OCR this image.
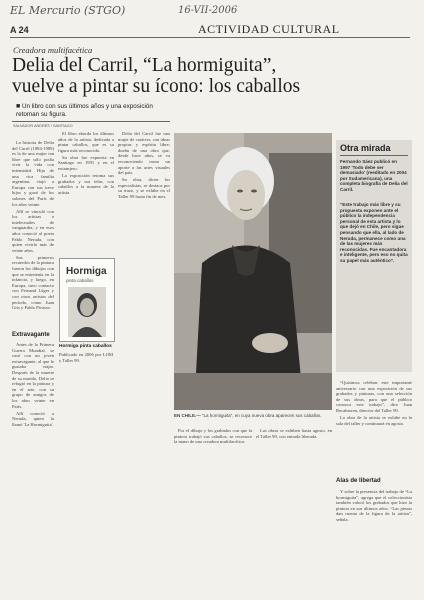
EL Mercurio (STGO)	16-VII-2006
A 24	ACTIVIDAD CULTURAL
Creadora multifacética
Delia del Carril, “La hormiguita”,
vuelve a pintar su ícono: los caballos
■ Un libro con sus últimos años y una exposición retoman su figura.
SALVADOR ANDRÉS / SANTIAGO

La historia de Delia del Carril (1884-1989) es la de una mujer tan libre que sólo podía vivir la vida con intensidad. Hija de una rica familia argentina, viajó a Europa con sus trece hijos y gozó de los salones del París de los años veinte.

Allí se vinculó con los artistas e intelectuales de vanguardia, y en esos años conoció al poeta Pablo Neruda, con quien viviría más de veinte años.

Sus primeros recuerdos de la pintura fueron los dibujos con que se entretenía en la infancia, y luego, en Europa, tuvo contacto con Fernand Léger y con otros artistas del período, como Juan Gris y Pablo Picasso.

Extravagante

Antes de la Primera Guerra Mundial, se casó con un joven extravagante, al que le gustaba viajar. Después de la muerte de su marido, Delia se refugió en la pintura y en el arte, con su grupo de amigos de los años veinte en París.

Allí conoció a Neruda, quien la llamó 'La Hormiguita'.

El libro aborda los últimos años de la artista, dedicada a pintar caballos, que es su figura más reconocida.

Su obra fue expuesta en Santiago en 1991 y en el extranjero.

La exposición retoma sus grabados y sus telas, con caballos a la manera de la artista.

Delia del Carril fue una mujer de carácter, con ideas propias y espíritu libre; dueña de una obra que, desde hace años, se va reconociendo como un aporte a las artes visuales del país.

Su obra, dicen los especialistas, se destaca por su trazo, y se exhibe en el Taller 99 hasta fin de mes.

Hormiga
pinta caballos
Hormiga pinta caballos
Publicado en 2006 por LOM y Taller 99.
EN CHILE.— “La hormiguita”, en cuya nueva obra aparecen sus caballos.

Por el dibujo y los grabados con que la pintora trabajó sus caballos, se reconoce la mano de una creadora multifacética.

Las obras se exhiben hasta agosto, en el Taller 99, con entrada liberada.

Otra mirada
Fernando Sáez publicó en 1997 'Todo debe ser demasiado' (reeditado en 2004 por Sudamericana), una completa biografía de Delia del Carril.
“Este trabajo más libre y su propuesta exponen ante el público la independencia personal de esta artista y lo que dejó en Chile, pero sigue pensando que ella, al lado de Neruda, permanece como una de las mujeres más reconocidas. Fue encantadora e inteligente, pero eso no quita su papel más auténtico”.

“Quisimos celebrar este importante aniversario con una exposición de sus grabados y pinturas, con una selección de sus obras, para que el público conozca este trabajo”, dice Juan Recabarren, director del Taller 99.

La obra de la artista se exhibe en la sala del taller y continuará en agosto.

Alas de libertad

Y sobre la presencia del trabajo de “La hormiguita”, agrega que el coleccionista también valoró los grabados que hizo la pintora en sus últimos años. “Las piezas dan cuenta de la figura de la artista”, señala.
